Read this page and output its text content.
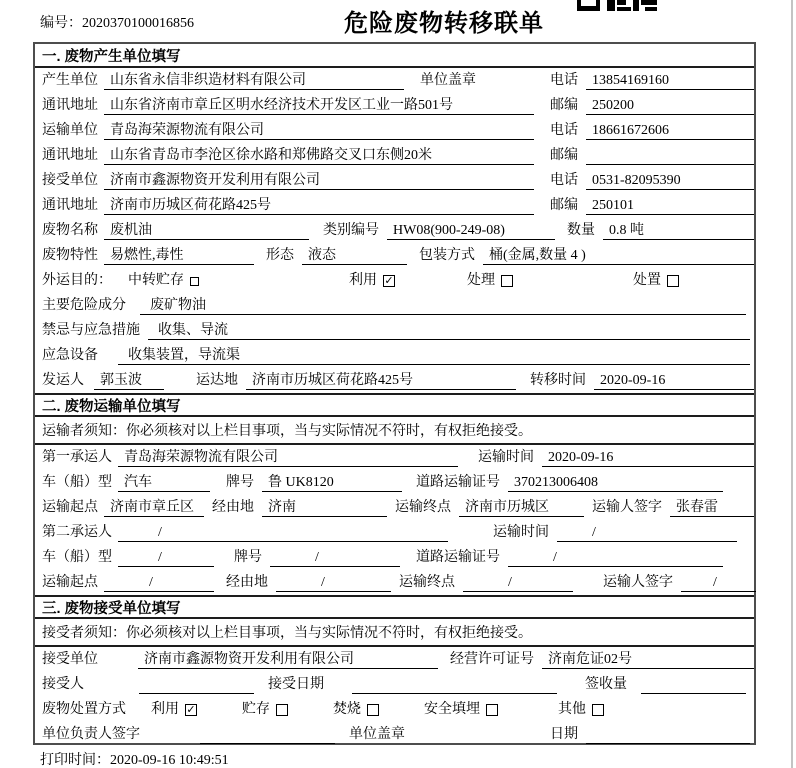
编号：2020370100016856	危险废物转移联单
一. 废物产生单位填写
产生单位 山东省永信非织造材料有限公司	单位盖章	电话	13854169160
通讯地址 山东省济南市章丘区明水经济技术开发区工业一路501号	邮编	250200
运输单位 青岛海荣源物流有限公司	电话	18661672606
通讯地址 山东省青岛市李沧区徐水路和郑佛路交叉口东侧20米	邮编
接受单位 济南市鑫源物资开发利用有限公司	电话	0531-82095390
通讯地址 济南市历城区荷花路425号	邮编	250101
废物名称 废机油	类别编号	HW08(900-249-08)	数量	0.8 吨
废物特性 易燃性,毒性	形态	液态	包装方式	桶(金属,数量 4 )
外运目的： 中转贮存	利用 ✓	处理	处置
主要危险成分	废矿物油
禁忌与应急措施	收集、导流
应急设备	收集装置，导流渠
发运人	郭玉波	运达地	济南市历城区荷花路425号	转移时间	2020-09-16
二. 废物运输单位填写
运输者须知：你必须核对以上栏目事项，当与实际情况不符时，有权拒绝接受。
第一承运人 青岛海荣源物流有限公司	运输时间	2020-09-16
车（船）型 汽车	牌号	鲁 UK8120	道路运输证号	370213006408
运输起点 济南市章丘区	经由地	济南	运输终点	济南市历城区	运输人签字	张春雷
第二承运人	/	运输时间	/
车（船）型	/	牌号	/	道路运输证号	/
运输起点	/	经由地	/	运输终点	/	运输人签字	/
三. 废物接受单位填写
接受者须知：你必须核对以上栏目事项，当与实际情况不符时，有权拒绝接受。
接受单位	济南市鑫源物资开发利用有限公司	经营许可证号	济南危证02号
接受人	接受日期	签收量
废物处置方式 利用 ✓	贮存	焚烧	安全填埋	其他
单位负责人签字	单位盖章	日期
打印时间：2020-09-16 10:49:51
